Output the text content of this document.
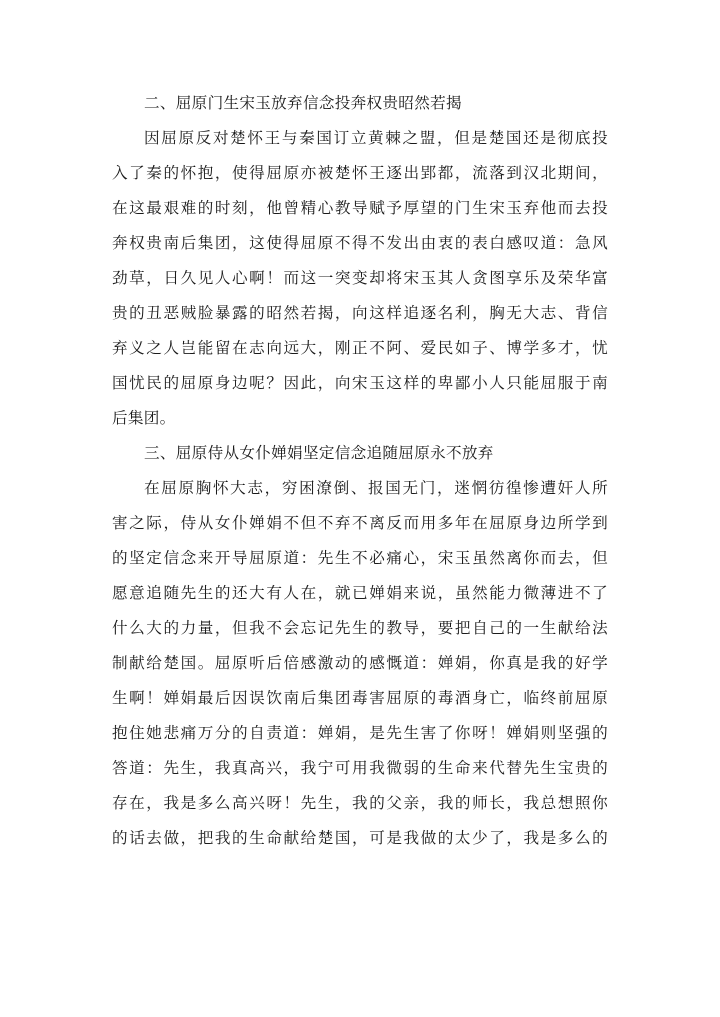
二、屈原门生宋玉放弃信念投奔权贵昭然若揭
因屈原反对楚怀王与秦国订立黄棘之盟，但是楚国还是彻底投
入了秦的怀抱，使得屈原亦被楚怀王逐出郢都，流落到汉北期间，
在这最艰难的时刻，他曾精心教导赋予厚望的门生宋玉弃他而去投
奔权贵南后集团，这使得屈原不得不发出由衷的表白感叹道：急风
劲草，日久见人心啊！而这一突变却将宋玉其人贪图享乐及荣华富
贵的丑恶贼脸暴露的昭然若揭，向这样追逐名利，胸无大志、背信
弃义之人岂能留在志向远大，刚正不阿、爱民如子、博学多才，忧
国忧民的屈原身边呢？因此，向宋玉这样的卑鄙小人只能屈服于南
后集团。
三、屈原侍从女仆婵娟坚定信念追随屈原永不放弃
在屈原胸怀大志，穷困潦倒、报国无门，迷惘彷徨惨遭奸人所
害之际，侍从女仆婵娟不但不弃不离反而用多年在屈原身边所学到
的坚定信念来开导屈原道：先生不必痛心，宋玉虽然离你而去，但
愿意追随先生的还大有人在，就已婵娟来说，虽然能力微薄进不了
什么大的力量，但我不会忘记先生的教导，要把自己的一生献给法
制献给楚国。屈原听后倍感激动的感慨道：婵娟，你真是我的好学
生啊！婵娟最后因误饮南后集团毒害屈原的毒酒身亡，临终前屈原
抱住她悲痛万分的自责道：婵娟，是先生害了你呀！婵娟则坚强的
答道：先生，我真高兴，我宁可用我微弱的生命来代替先生宝贵的
存在，我是多么高兴呀！先生，我的父亲，我的师长，我总想照你
的话去做，把我的生命献给楚国，可是我做的太少了，我是多么的
